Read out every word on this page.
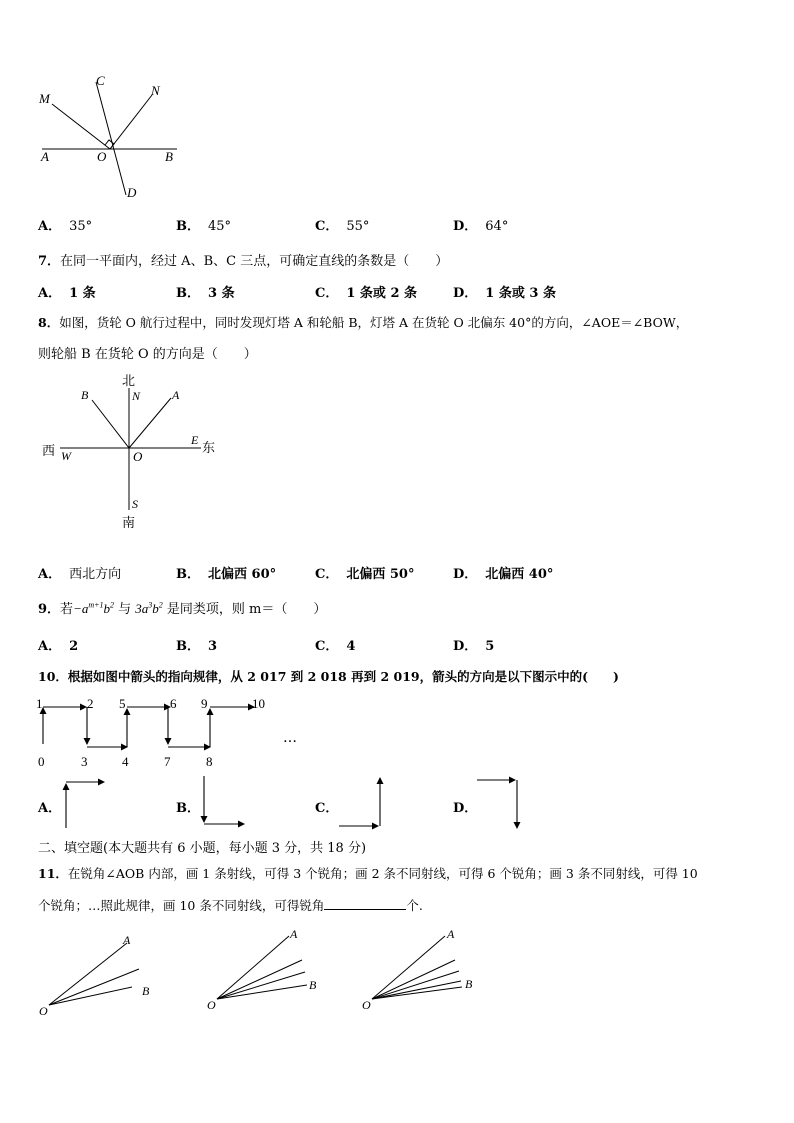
M
C
N
A	O	B
D
A． 35°	B． 45°	C． 55°	D． 64°
7．在同一平面内，经过 A、B、C 三点，可确定直线的条数是（　　）
A． 1 条	B． 3 条	C． 1 条或 2 条	D． 1 条或 3 条
8．如图，货轮 O 航行过程中，同时发现灯塔 A 和轮船 B，灯塔 A 在货轮 O 北偏东 40°的方向，∠AOE＝∠BOW，
则轮船 B 在货轮 O 的方向是（　　）
北
N
B	A
西 W	O
E 东
S
南
A． 西北方向	B． 北偏西 60°	C． 北偏西 50°	D． 北偏西 40°
9．若$-a^{m+1}b^2$ 与 $3a^3b^2$ 是同类项，则 m＝（　　）
A． 2	B． 3	C． 4	D． 5
10．根据如图中箭头的指向规律，从 2 017 到 2 018 再到 2 019，箭头的方向是以下图示中的(　　)
1	2 5	6 9	10
0	3	4	7	8
…
A．	B．	C．	D．
二、填空题(本大题共有 6 小题，每小题 3 分，共 18 分)
11．在锐角∠AOB 内部，画 1 条射线，可得 3 个锐角；画 2 条不同射线，可得 6 个锐角；画 3 条不同射线，可得 10
个锐角；…照此规律，画 10 条不同射线，可得锐角	个.
A
B
O
A
B
O
A
B
O
